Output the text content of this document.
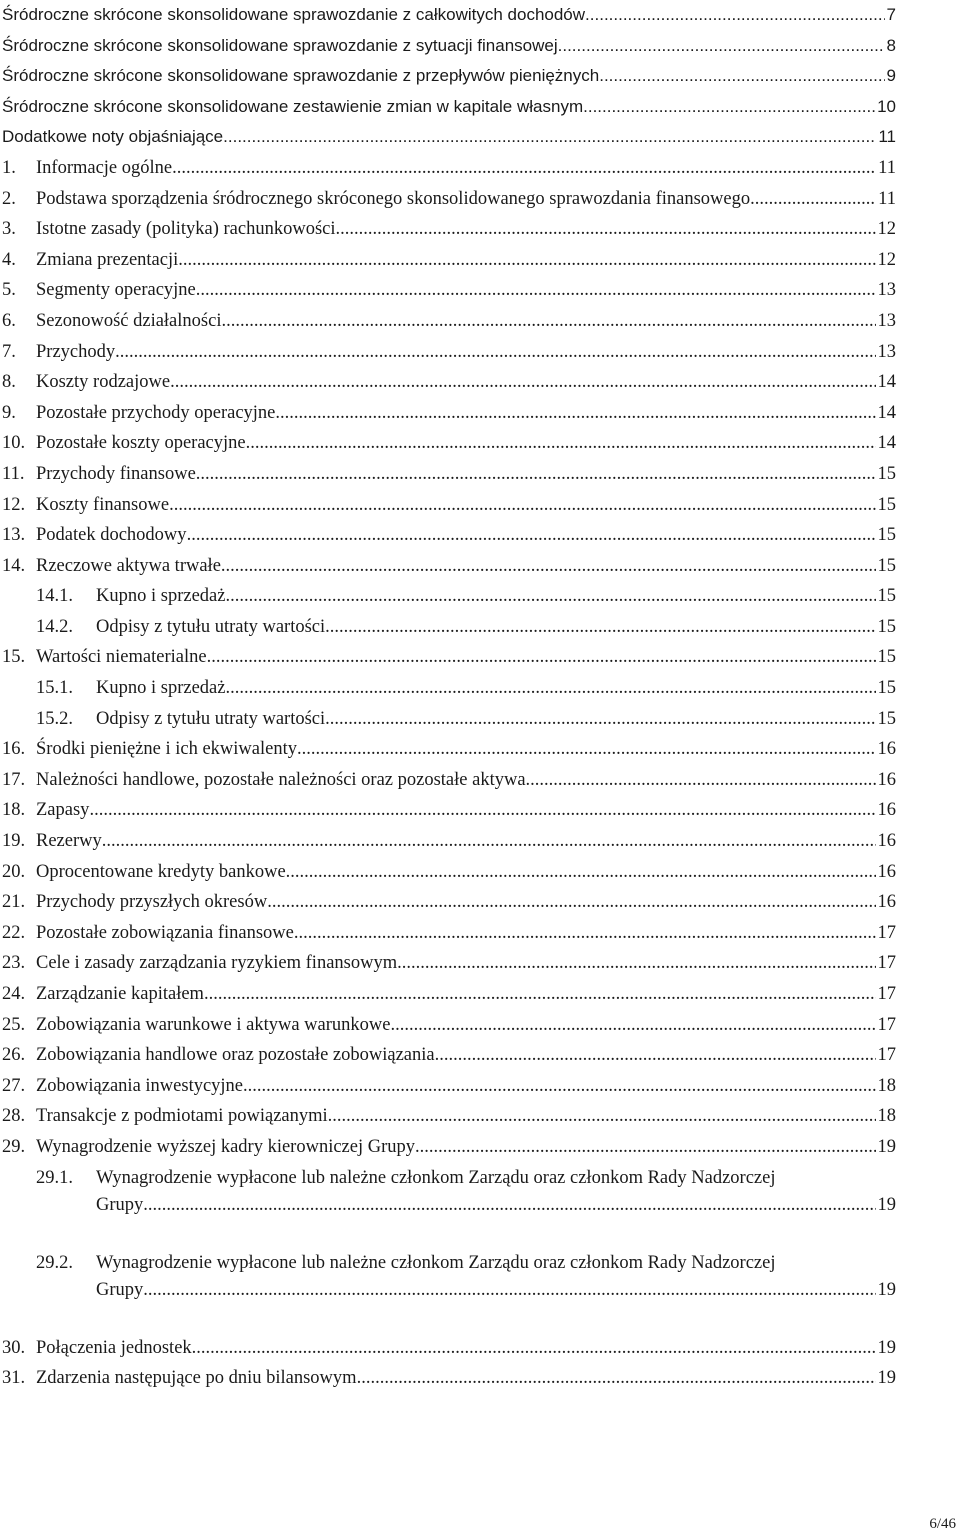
Śródroczne skrócone skonsolidowane sprawozdanie z całkowitych dochodów .....	7
Śródroczne skrócone skonsolidowane sprawozdanie z sytuacji finansowej .....	8
Śródroczne skrócone skonsolidowane sprawozdanie z przepływów pieniężnych .....	9
Śródroczne skrócone skonsolidowane zestawienie zmian w kapitale własnym .....	10
Dodatkowe noty objaśniające .....	11
1. Informacje ogólne .....	11
2. Podstawa sporządzenia śródrocznego skróconego skonsolidowanego sprawozdania finansowego .....	11
3. Istotne zasady (polityka) rachunkowości .....	12
4. Zmiana prezentacji .....	12
5. Segmenty operacyjne .....	13
6. Sezonowość działalności .....	13
7. Przychody .....	13
8. Koszty rodzajowe .....	14
9. Pozostałe przychody operacyjne .....	14
10. Pozostałe koszty operacyjne .....	14
11. Przychody finansowe .....	15
12. Koszty finansowe .....	15
13. Podatek dochodowy .....	15
14. Rzeczowe aktywa trwałe .....	15
14.1. Kupno i sprzedaż .....	15
14.2. Odpisy z tytułu utraty wartości .....	15
15. Wartości niematerialne .....	15
15.1. Kupno i sprzedaż .....	15
15.2. Odpisy z tytułu utraty wartości .....	15
16. Środki pieniężne i ich ekwiwalenty .....	16
17. Należności handlowe, pozostałe należności oraz pozostałe aktywa .....	16
18. Zapasy .....	16
19. Rezerwy .....	16
20. Oprocentowane kredyty bankowe .....	16
21. Przychody przyszłych okresów .....	16
22. Pozostałe zobowiązania finansowe .....	17
23. Cele i zasady zarządzania ryzykiem finansowym .....	17
24. Zarządzanie kapitałem .....	17
25. Zobowiązania warunkowe i aktywa warunkowe .....	17
26. Zobowiązania handlowe oraz pozostałe zobowiązania .....	17
27. Zobowiązania inwestycyjne .....	18
28. Transakcje z podmiotami powiązanymi .....	18
29. Wynagrodzenie wyższej kadry kierowniczej Grupy .....	19
29.1. Wynagrodzenie wypłacone lub należne członkom Zarządu oraz członkom Rady Nadzorczej
Grupy .....	19
29.2. Wynagrodzenie wypłacone lub należne członkom Zarządu oraz członkom Rady Nadzorczej
Grupy .....	19
30. Połączenia jednostek .....	19
31. Zdarzenia następujące po dniu bilansowym .....	19
6/46
